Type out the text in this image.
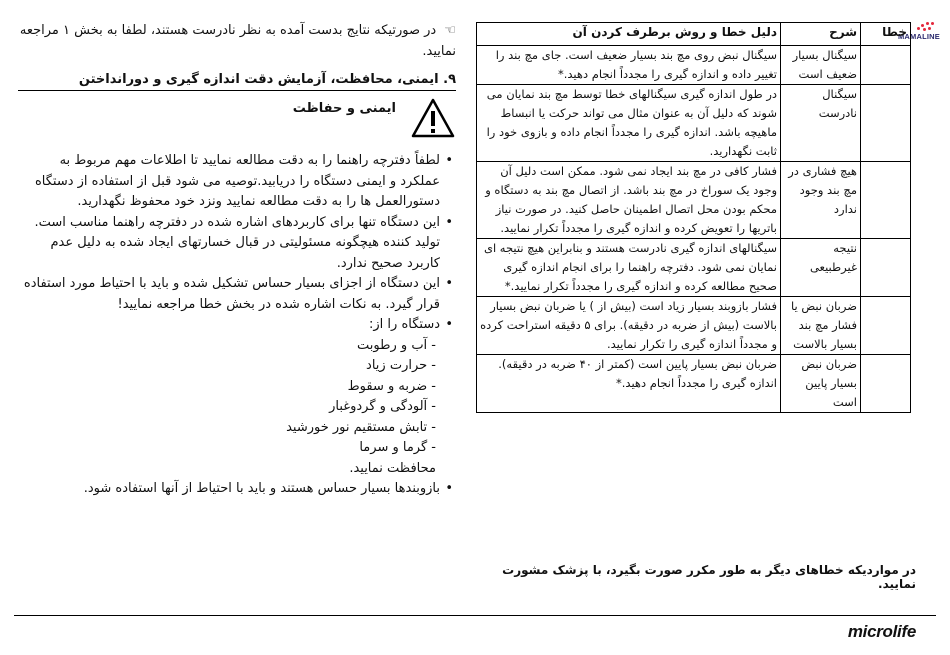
MAMALINE
خطا	شرح	دلیل خطا و روش برطرف کردن آن
	سیگنال بسیار ضعیف است	سیگنال نبض روی مچ بند بسیار ضعیف است. جای مچ بند را تغییر داده و اندازه گیری را مجدداً انجام دهید.*
	سیگنال نادرست	در طول اندازه گیری سیگنالهای خطا توسط مچ بند نمایان می شوند که دلیل آن به عنوان مثال می تواند حرکت یا انبساط ماهیچه باشد. اندازه گیری را مجدداً انجام داده و بازوی خود را ثابت نگهدارید.
	هیچ فشاری در مچ بند وجود ندارد	فشار کافی در مچ بند ایجاد نمی شود. ممکن است دلیل آن وجود یک سوراخ در مچ بند باشد. از اتصال مچ بند به دستگاه و محکم بودن محل اتصال اطمینان حاصل کنید. در صورت نیاز باتریها را تعویض کرده و اندازه گیری را مجدداً تکرار نمایید.
	نتیجه غیرطبیعی	سیگنالهای اندازه گیری نادرست هستند و بنابراین هیچ نتیجه ای نمایان نمی شود. دفترچه راهنما را برای انجام اندازه گیری صحیح مطالعه کرده و اندازه گیری را مجدداً تکرار نمایید.*
	ضربان نبض یا فشار مچ بند بسیار بالاست	فشار بازوبند بسیار زیاد است (بیش از ) یا ضربان نبض بسیار بالاست (بیش از ضربه در دقیقه). برای ۵ دقیقه استراحت کرده و مجدداً اندازه گیری را تکرار نمایید.
	ضربان نبض بسیار پایین است	ضربان نبض بسیار پایین است (کمتر از ۴۰ ضربه در دقیقه). اندازه گیری را مجدداً انجام دهید.*
در مواردیکه خطاهای دیگر به طور مکرر صورت بگیرد، با پزشک مشورت نمایید.
☜ در صورتیکه نتایج بدست آمده به نظر نادرست هستند، لطفا به بخش ۱ مراجعه نمایید.
۹. ایمنی، محافظت، آزمایش دقت اندازه گیری و دورانداختن
ایمنی و حفاظت
• لطفاً دفترچه راهنما را به دقت مطالعه نمایید تا اطلاعات مهم مربوط به عملکرد و ایمنی دستگاه را دریابید.توصیه می شود قبل از استفاده از دستگاه دستورالعمل ها را به دقت مطالعه نمایید ونزد خود محفوظ نگهدارید.
• این دستگاه تنها برای کاربردهای اشاره شده در دفترچه راهنما مناسب است. تولید کننده هیچگونه مسئولیتی در قبال خسارتهای ایجاد شده به دلیل عدم کاربرد صحیح ندارد.
• این دستگاه از اجزای بسیار حساس تشکیل شده و باید با احتیاط مورد استفاده قرار گیرد. به نکات اشاره شده در بخش خطا مراجعه نمایید!
• دستگاه را از:
- آب و رطوبت
- حرارت زیاد
- ضربه و سقوط
- آلودگی و گردوغبار
- تابش مستقیم نور خورشید
- گرما و سرما
محافظت نمایید.
• بازوبندها بسیار حساس هستند و باید با احتیاط از آنها استفاده شود.
microlife
